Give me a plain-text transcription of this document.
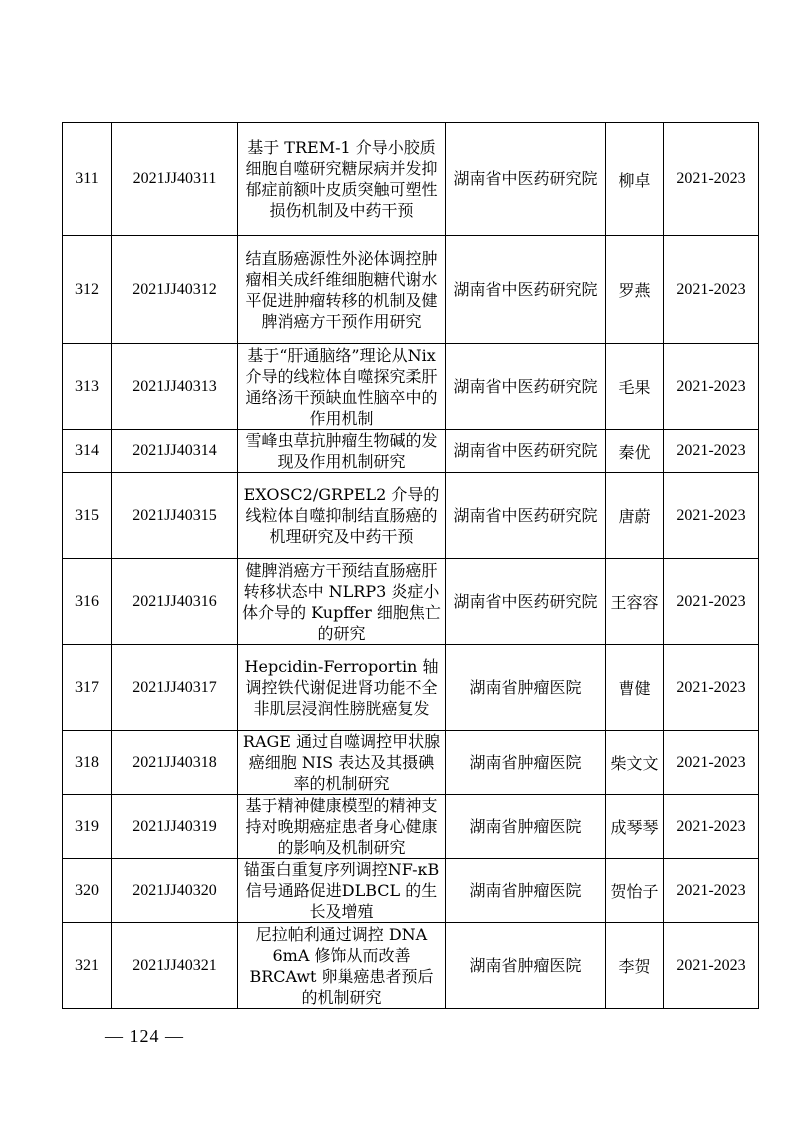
311	2021JJ40311	基于 TREM-1 介导小胶质细胞自噬研究糖尿病并发抑郁症前额叶皮质突触可塑性损伤机制及中药干预	湖南省中医药研究院	柳卓	2021-2023
312	2021JJ40312	结直肠癌源性外泌体调控肿瘤相关成纤维细胞糖代谢水平促进肿瘤转移的机制及健脾消癌方干预作用研究	湖南省中医药研究院	罗燕	2021-2023
313	2021JJ40313	基于“肝通脑络”理论从Nix介导的线粒体自噬探究柔肝通络汤干预缺血性脑卒中的作用机制	湖南省中医药研究院	毛果	2021-2023
314	2021JJ40314	雪峰虫草抗肿瘤生物碱的发现及作用机制研究	湖南省中医药研究院	秦优	2021-2023
315	2021JJ40315	EXOSC2/GRPEL2 介导的线粒体自噬抑制结直肠癌的机理研究及中药干预	湖南省中医药研究院	唐蔚	2021-2023
316	2021JJ40316	健脾消癌方干预结直肠癌肝转移状态中 NLRP3 炎症小体介导的 Kupffer 细胞焦亡的研究	湖南省中医药研究院	王容容	2021-2023
317	2021JJ40317	Hepcidin-Ferroportin 轴调控铁代谢促进肾功能不全非肌层浸润性膀胱癌复发	湖南省肿瘤医院	曹健	2021-2023
318	2021JJ40318	RAGE 通过自噬调控甲状腺癌细胞 NIS 表达及其摄碘率的机制研究	湖南省肿瘤医院	柴文文	2021-2023
319	2021JJ40319	基于精神健康模型的精神支持对晚期癌症患者身心健康的影响及机制研究	湖南省肿瘤医院	成琴琴	2021-2023
320	2021JJ40320	锚蛋白重复序列调控NF-κB 信号通路促进DLBCL 的生长及增殖	湖南省肿瘤医院	贺怡子	2021-2023
321	2021JJ40321	尼拉帕利通过调控 DNA 6mA 修饰从而改善BRCAwt 卵巢癌患者预后的机制研究	湖南省肿瘤医院	李贺	2021-2023
— 124 —
